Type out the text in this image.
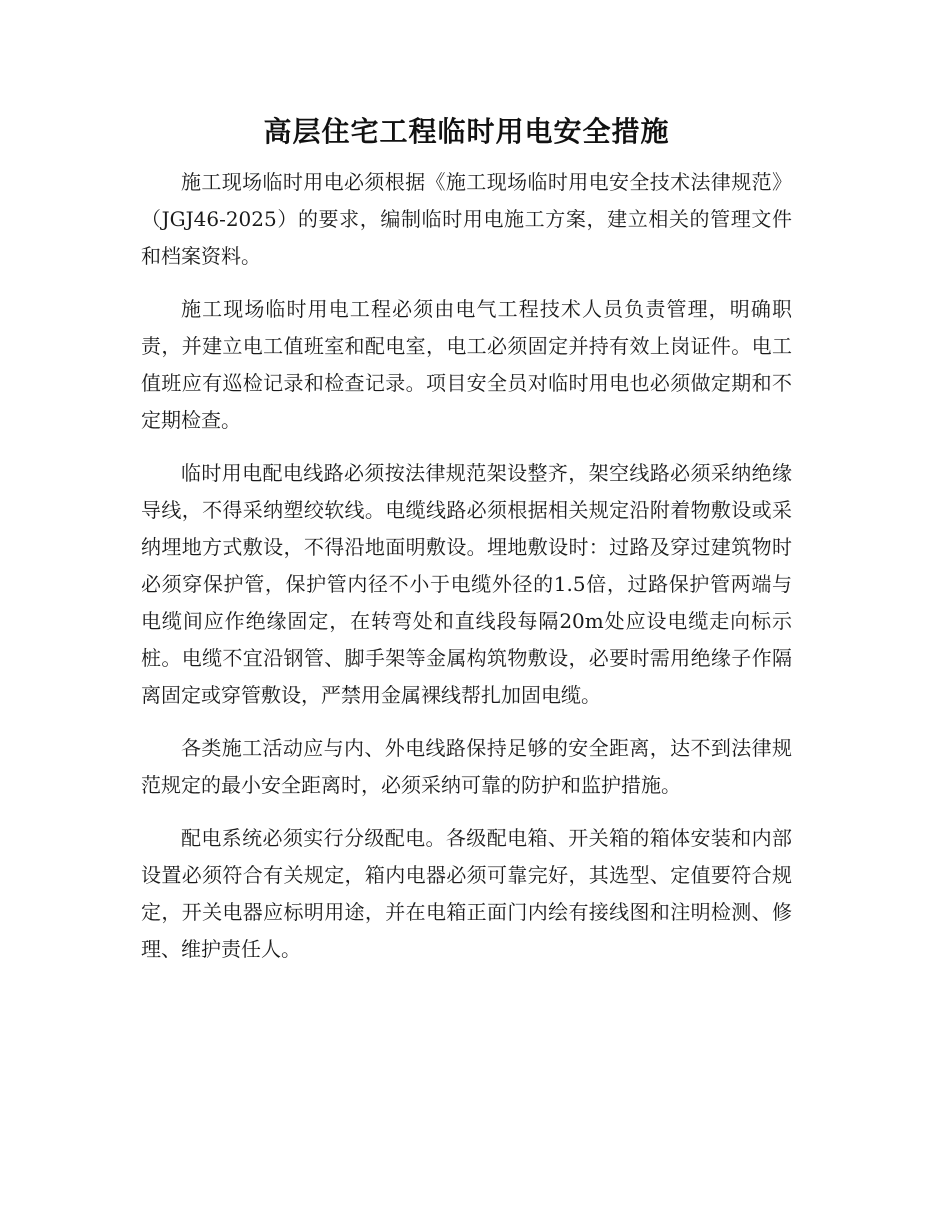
高层住宅工程临时用电安全措施

施工现场临时用电必须根据《施工现场临时用电安全技术法律规范》（JGJ46-2025）的要求，编制临时用电施工方案，建立相关的管理文件和档案资料。

施工现场临时用电工程必须由电气工程技术人员负责管理，明确职责，并建立电工值班室和配电室，电工必须固定并持有效上岗证件。电工值班应有巡检记录和检查记录。项目安全员对临时用电也必须做定期和不定期检查。

临时用电配电线路必须按法律规范架设整齐，架空线路必须采纳绝缘导线，不得采纳塑绞软线。电缆线路必须根据相关规定沿附着物敷设或采纳埋地方式敷设，不得沿地面明敷设。埋地敷设时：过路及穿过建筑物时必须穿保护管，保护管内径不小于电缆外径的1.5倍，过路保护管两端与电缆间应作绝缘固定，在转弯处和直线段每隔20m处应设电缆走向标示桩。电缆不宜沿钢管、脚手架等金属构筑物敷设，必要时需用绝缘子作隔离固定或穿管敷设，严禁用金属裸线帮扎加固电缆。

各类施工活动应与内、外电线路保持足够的安全距离，达不到法律规范规定的最小安全距离时，必须采纳可靠的防护和监护措施。

配电系统必须实行分级配电。各级配电箱、开关箱的箱体安装和内部设置必须符合有关规定，箱内电器必须可靠完好，其选型、定值要符合规定，开关电器应标明用途，并在电箱正面门内绘有接线图和注明检测、修理、维护责任人。
